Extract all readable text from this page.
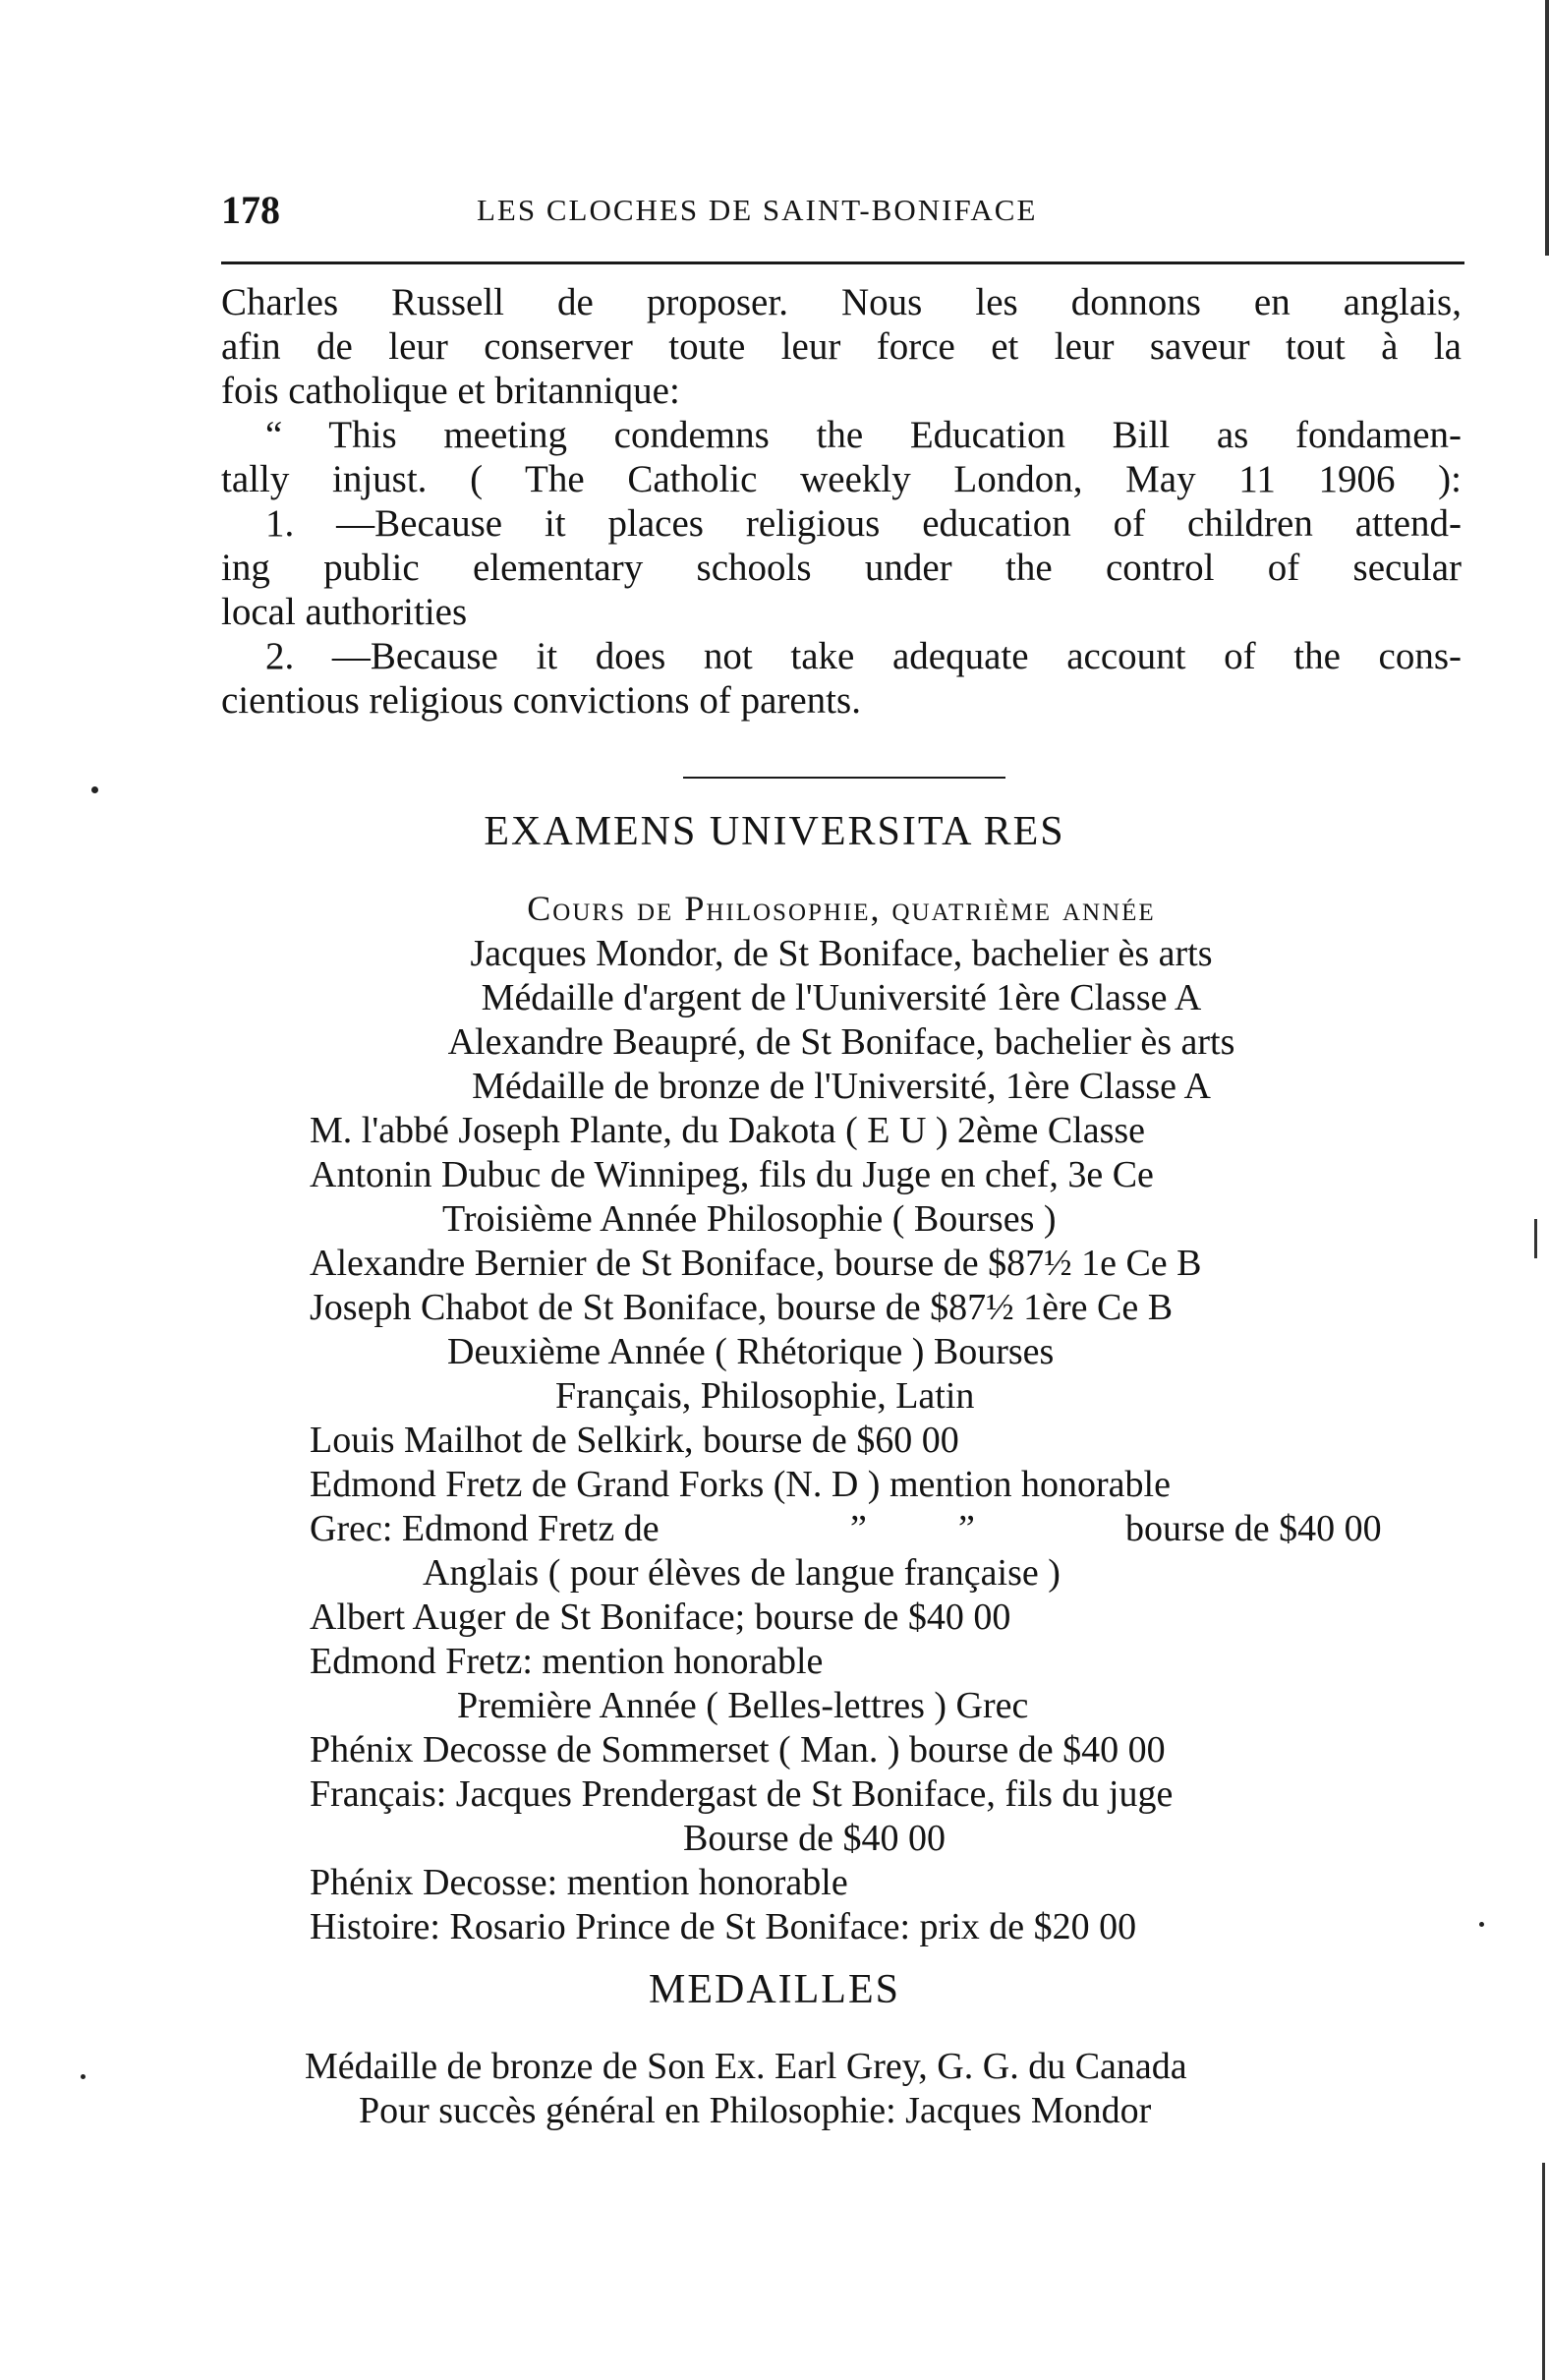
178	LES CLOCHES DE SAINT-BONIFACE
Charles Russell de proposer. Nous les donnons en anglais,
afin de leur conserver toute leur force et leur saveur tout à la
fois catholique et britannique:
“ This meeting condemns the Education Bill as fondamen-
tally injust. ( The Catholic weekly London, May 11 1906 ):
1. —Because it places religious education of children attend-
ing public elementary schools under the control of secular
local authorities
2. —Because it does not take adequate account of the cons-
cientious religious convictions of parents.
EXAMENS UNIVERSITA RES
Cours de Philosophie, quatrième année
Jacques Mondor, de St Boniface, bachelier ès arts
Médaille d'argent de l'Uuniversité 1ère Classe A
Alexandre Beaupré, de St Boniface, bachelier ès arts
Médaille de bronze de l'Université, 1ère Classe A
M. l'abbé Joseph Plante, du Dakota ( E U ) 2ème Classe
Antonin Dubuc de Winnipeg, fils du Juge en chef, 3e Ce
Troisième Année Philosophie ( Bourses )
Alexandre Bernier de St Boniface, bourse de $87½ 1e Ce B
Joseph Chabot de St Boniface, bourse de $87½ 1ère Ce B
Deuxième Année ( Rhétorique ) Bourses
Français, Philosophie, Latin
Louis Mailhot de Selkirk, bourse de $60 00
Edmond Fretz de Grand Forks (N. D ) mention honorable
Grec: Edmond Fretz de	” ”	bourse de $40 00
Anglais ( pour élèves de langue française )
Albert Auger de St Boniface; bourse de $40 00
Edmond Fretz: mention honorable
Première Année ( Belles-lettres ) Grec
Phénix Decosse de Sommerset ( Man. ) bourse de $40 00
Français: Jacques Prendergast de St Boniface, fils du juge
Bourse de $40 00
Phénix Decosse: mention honorable
Histoire: Rosario Prince de St Boniface: prix de $20 00
MEDAILLES
Médaille de bronze de Son Ex. Earl Grey, G. G. du Canada
Pour succès général en Philosophie: Jacques Mondor
